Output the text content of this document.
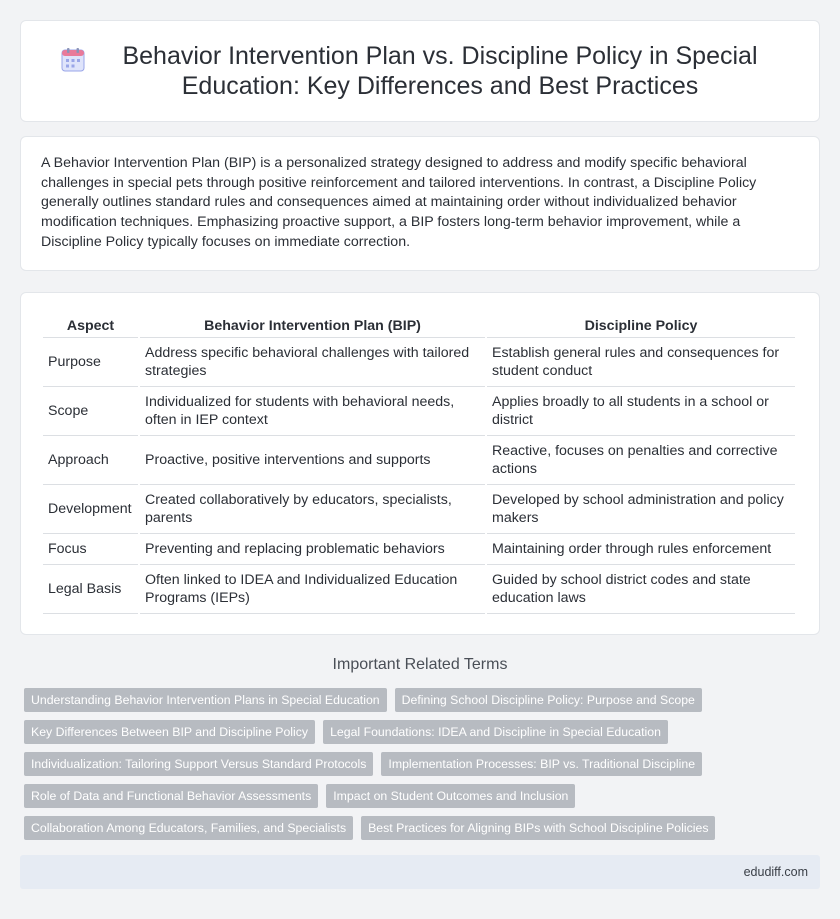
Behavior Intervention Plan vs. Discipline Policy in Special Education: Key Differences and Best Practices

A Behavior Intervention Plan (BIP) is a personalized strategy designed to address and modify specific behavioral challenges in special pets through positive reinforcement and tailored interventions. In contrast, a Discipline Policy generally outlines standard rules and consequences aimed at maintaining order without individualized behavior modification techniques. Emphasizing proactive support, a BIP fosters long-term behavior improvement, while a Discipline Policy typically focuses on immediate correction.

Aspect	Behavior Intervention Plan (BIP)	Discipline Policy
Purpose	Address specific behavioral challenges with tailored strategies	Establish general rules and consequences for student conduct
Scope	Individualized for students with behavioral needs, often in IEP context	Applies broadly to all students in a school or district
Approach	Proactive, positive interventions and supports	Reactive, focuses on penalties and corrective actions
Development	Created collaboratively by educators, specialists, parents	Developed by school administration and policy makers
Focus	Preventing and replacing problematic behaviors	Maintaining order through rules enforcement
Legal Basis	Often linked to IDEA and Individualized Education Programs (IEPs)	Guided by school district codes and state education laws
Important Related Terms
Understanding Behavior Intervention Plans in Special Education	Defining School Discipline Policy: Purpose and Scope
Key Differences Between BIP and Discipline Policy	Legal Foundations: IDEA and Discipline in Special Education
Individualization: Tailoring Support Versus Standard Protocols	Implementation Processes: BIP vs. Traditional Discipline
Role of Data and Functional Behavior Assessments	Impact on Student Outcomes and Inclusion
Collaboration Among Educators, Families, and Specialists	Best Practices for Aligning BIPs with School Discipline Policies
edudiff.com
